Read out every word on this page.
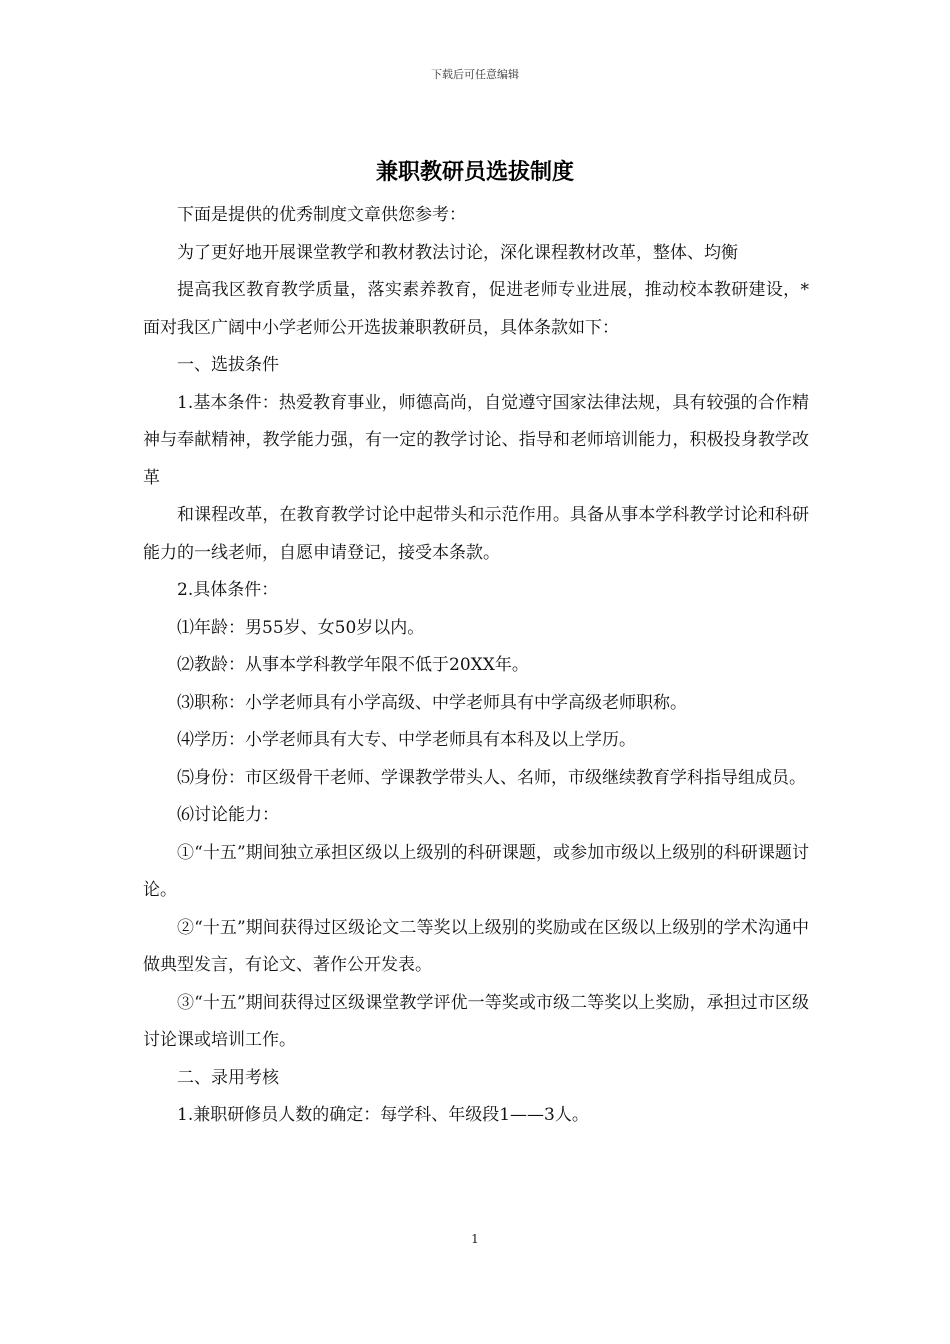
下载后可任意编辑
兼职教研员选拔制度

下面是提供的优秀制度文章供您参考：

为了更好地开展课堂教学和教材教法讨论，深化课程教材改革，整体、均衡

提高我区教育教学质量，落实素养教育，促进老师专业进展，推动校本教研建设，*面对我区广阔中小学老师公开选拔兼职教研员，具体条款如下：

一、选拔条件

1.基本条件：热爱教育事业，师德高尚，自觉遵守国家法律法规，具有较强的合作精神与奉献精神，教学能力强，有一定的教学讨论、指导和老师培训能力，积极投身教学改革

和课程改革，在教育教学讨论中起带头和示范作用。具备从事本学科教学讨论和科研能力的一线老师，自愿申请登记，接受本条款。

2.具体条件：

⑴年龄：男55岁、女50岁以内。

⑵教龄：从事本学科教学年限不低于20XX年。

⑶职称：小学老师具有小学高级、中学老师具有中学高级老师职称。

⑷学历：小学老师具有大专、中学老师具有本科及以上学历。

⑸身份：市区级骨干老师、学课教学带头人、名师，市级继续教育学科指导组成员。

⑹讨论能力：

①“十五”期间独立承担区级以上级别的科研课题，或参加市级以上级别的科研课题讨论。

②“十五”期间获得过区级论文二等奖以上级别的奖励或在区级以上级别的学术沟通中做典型发言，有论文、著作公开发表。

③“十五”期间获得过区级课堂教学评优一等奖或市级二等奖以上奖励，承担过市区级讨论课或培训工作。

二、录用考核

1.兼职研修员人数的确定：每学科、年级段1——3人。

1
